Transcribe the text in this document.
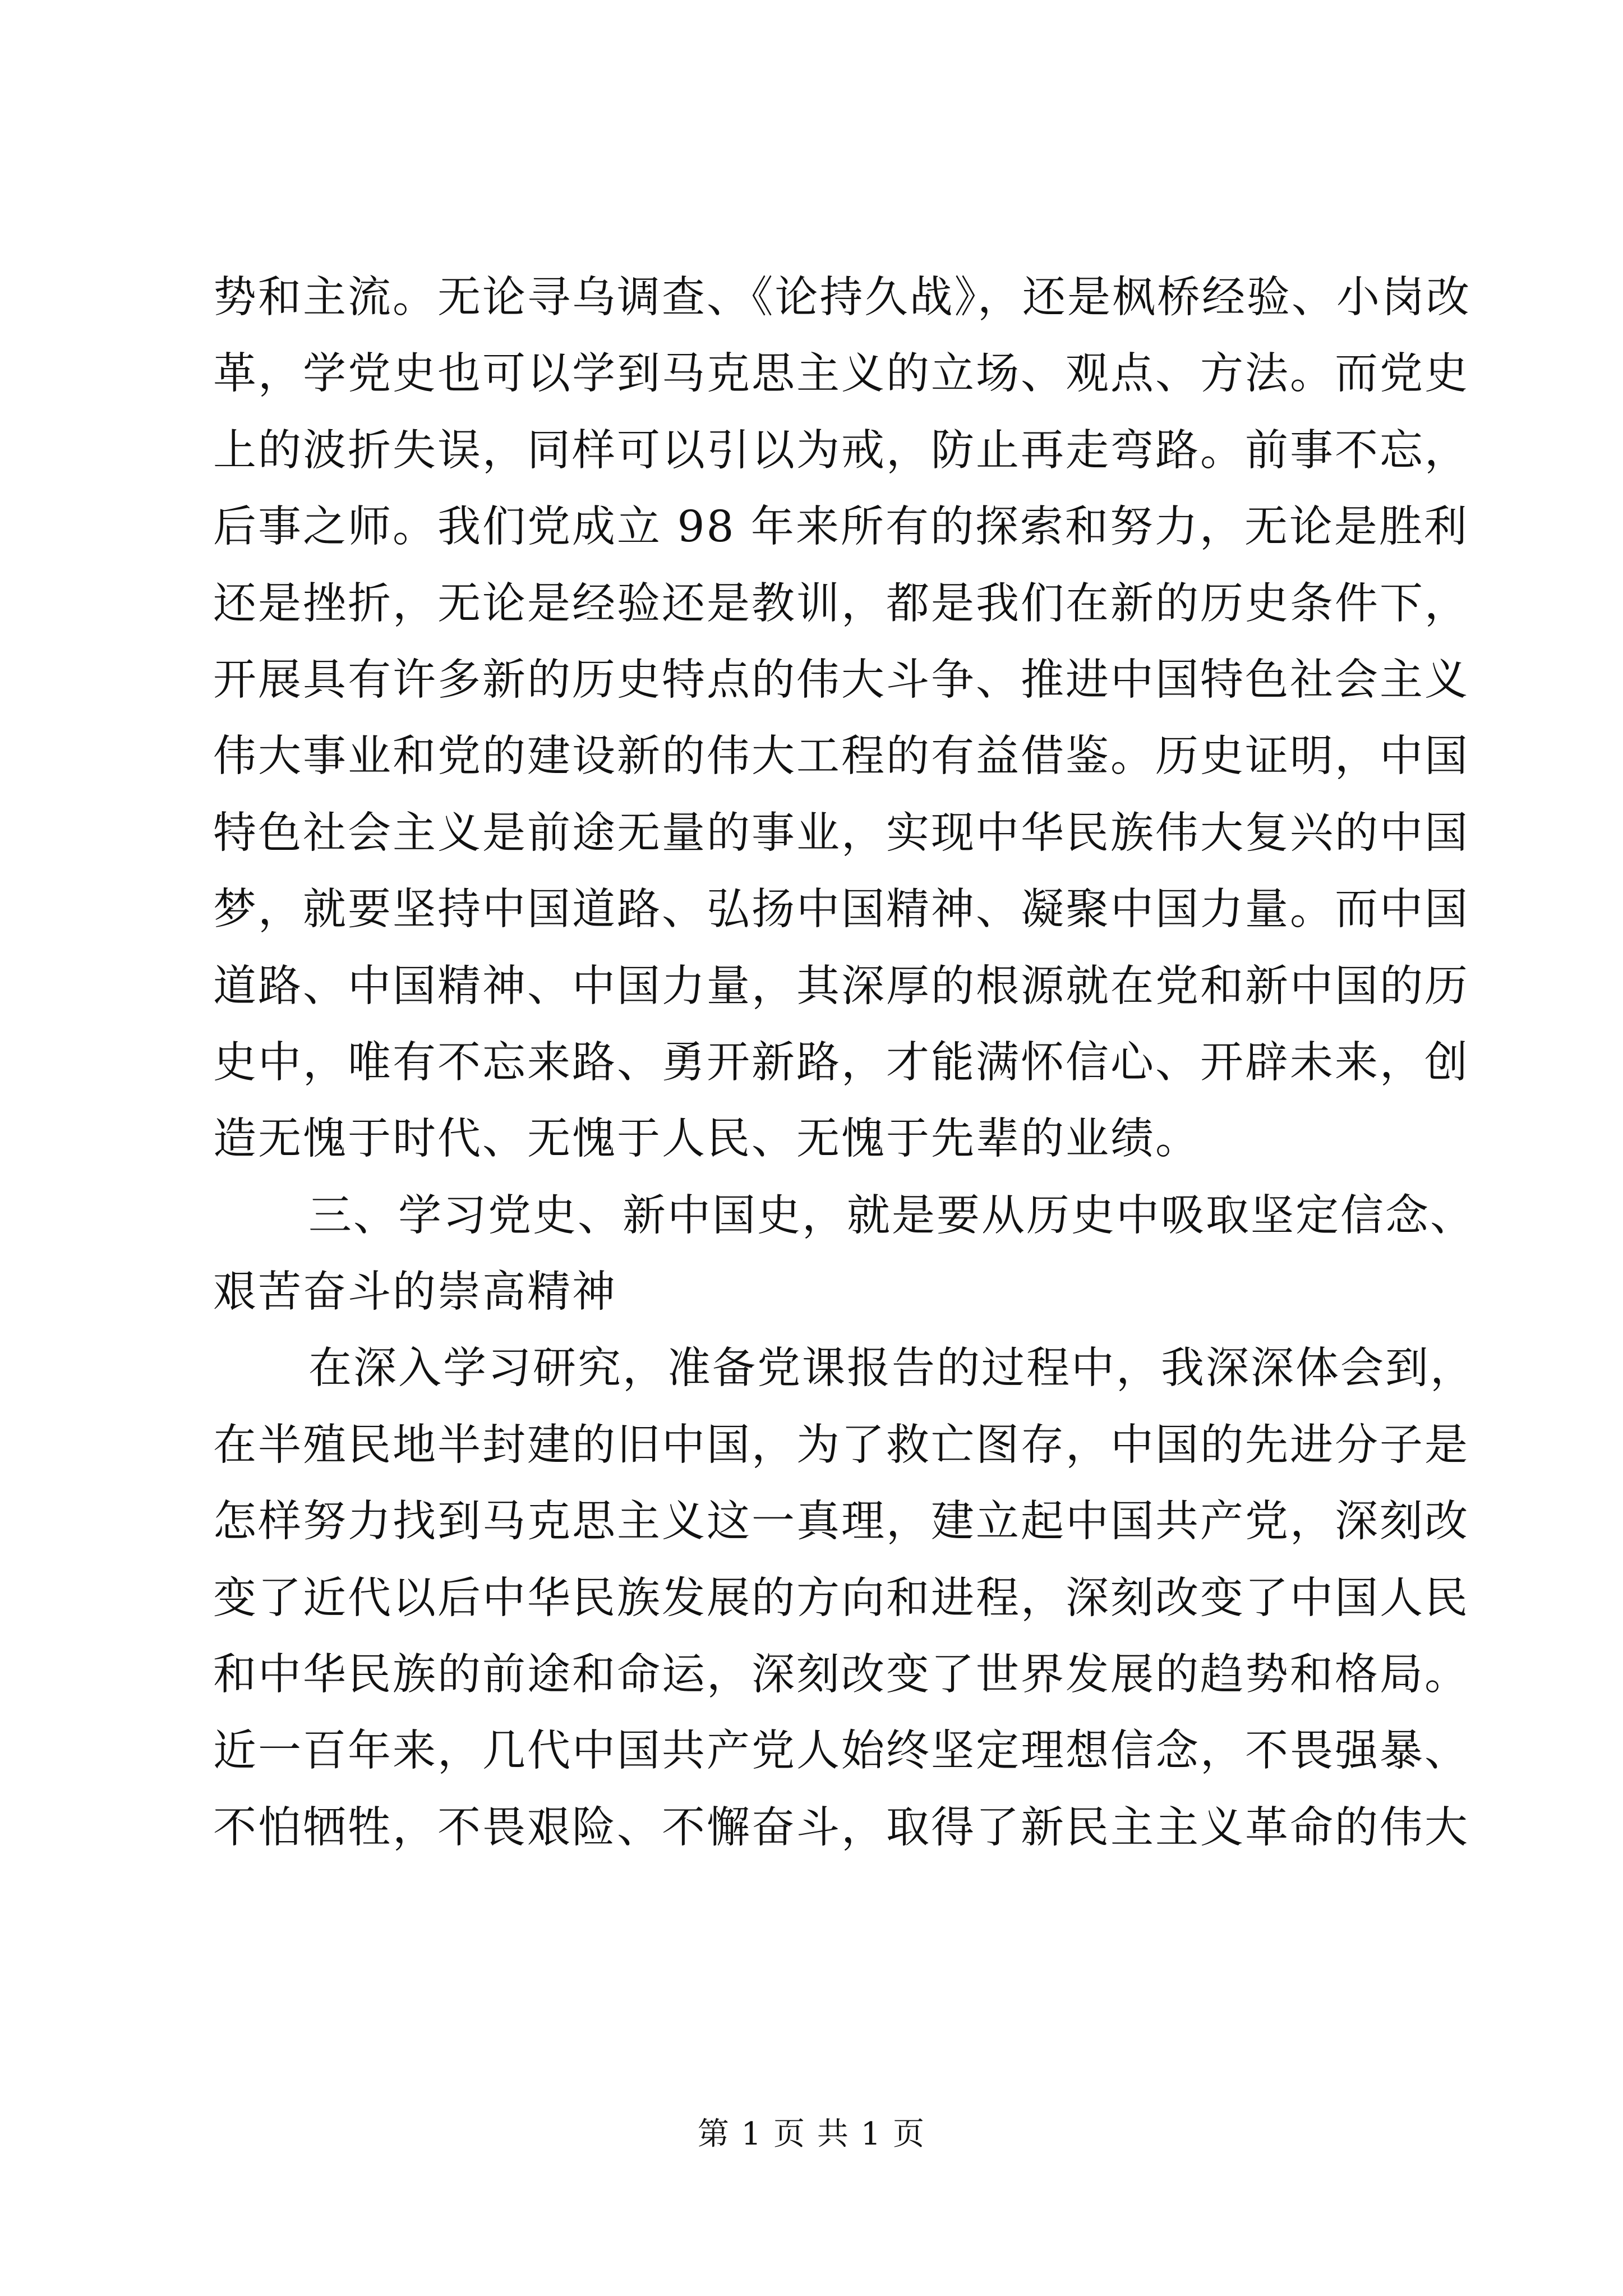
势和主流。无论寻乌调查、《论持久战》，还是枫桥经验、小岗改
革，学党史也可以学到马克思主义的立场、观点、方法。而党史
上的波折失误，同样可以引以为戒，防止再走弯路。前事不忘，
后事之师。我们党成立 98 年来所有的探索和努力，无论是胜利
还是挫折，无论是经验还是教训，都是我们在新的历史条件下，
开展具有许多新的历史特点的伟大斗争、推进中国特色社会主义
伟大事业和党的建设新的伟大工程的有益借鉴。历史证明，中国
特色社会主义是前途无量的事业，实现中华民族伟大复兴的中国
梦，就要坚持中国道路、弘扬中国精神、凝聚中国力量。而中国
道路、中国精神、中国力量，其深厚的根源就在党和新中国的历
史中，唯有不忘来路、勇开新路，才能满怀信心、开辟未来，创
造无愧于时代、无愧于人民、无愧于先辈的业绩。
三、学习党史、新中国史，就是要从历史中吸取坚定信念、
艰苦奋斗的崇高精神
在深入学习研究，准备党课报告的过程中，我深深体会到，
在半殖民地半封建的旧中国，为了救亡图存，中国的先进分子是
怎样努力找到马克思主义这一真理，建立起中国共产党，深刻改
变了近代以后中华民族发展的方向和进程，深刻改变了中国人民
和中华民族的前途和命运，深刻改变了世界发展的趋势和格局。
近一百年来，几代中国共产党人始终坚定理想信念，不畏强暴、
不怕牺牲，不畏艰险、不懈奋斗，取得了新民主主义革命的伟大
第 1 页 共 1 页
